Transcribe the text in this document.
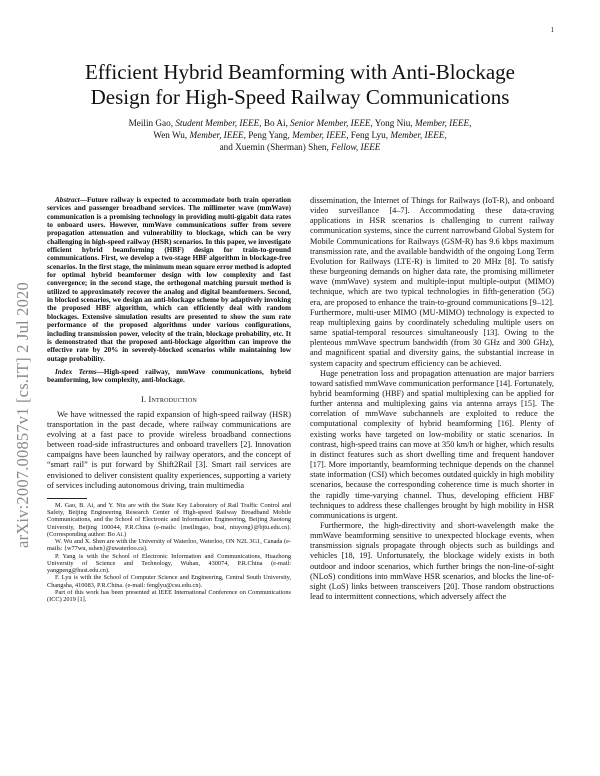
1
arXiv:2007.00857v1 [cs.IT] 2 Jul 2020
Efficient Hybrid Beamforming with Anti-Blockage
Design for High-Speed Railway Communications
Meilin Gao, Student Member, IEEE, Bo Ai, Senior Member, IEEE, Yong Niu, Member, IEEE,
Wen Wu, Member, IEEE, Peng Yang, Member, IEEE, Feng Lyu, Member, IEEE,
and Xuemin (Sherman) Shen, Fellow, IEEE

Abstract—Future railway is expected to accommodate both train operation services and passenger broadband services. The millimeter wave (mmWave) communication is a promising technology in providing multi-gigabit data rates to onboard users. However, mmWave communications suffer from severe propagation attenuation and vulnerability to blockage, which can be very challenging in high-speed railway (HSR) scenarios. In this paper, we investigate efficient hybrid beamforming (HBF) design for train-to-ground communications. First, we develop a two-stage HBF algorithm in blockage-free scenarios. In the first stage, the minimum mean square error method is adopted for optimal hybrid beamformer design with low complexity and fast convergence; in the second stage, the orthogonal matching pursuit method is utilized to approximately recover the analog and digital beamformers. Second, in blocked scenarios, we design an anti-blockage scheme by adaptively invoking the proposed HBF algorithm, which can efficiently deal with random blockages. Extensive simulation results are presented to show the sum rate performance of the proposed algorithms under various configurations, including transmission power, velocity of the train, blockage probability, etc. It is demonstrated that the proposed anti-blockage algorithm can improve the effective rate by 20% in severely-blocked scenarios while maintaining low outage probability.

Index Terms—High-speed railway, mmWave communications, hybrid beamforming, low complexity, anti-blockage.

I. Introduction

We have witnessed the rapid expansion of high-speed railway (HSR) transportation in the past decade, where railway communications are evolving at a fast pace to provide wireless broadband connections between road-side infrastructures and onboard travellers [2]. Innovation campaigns have been launched by railway operators, and the concept of “smart rail” is put forward by Shift2Rail [3]. Smart rail services are envisioned to deliver consistent quality experiences, supporting a variety of services including autonomous driving, train multimedia

M. Gao, B. Ai, and Y. Niu are with the State Key Laboratory of Rail Traffic Control and Safety, Beijing Engineering Research Center of High-speed Railway Broadband Mobile Communications, and the School of Electronic and Information Engineering, Beijing Jiaotong University, Beijing 100044, P.R.China (e-mails: {meilingao, boai, niuyong}@bjtu.edu.cn). (Corresponding author: Bo Ai.)

W. Wu and X. Shen are with the University of Waterloo, Waterloo, ON N2L 3G1, Canada (e-mails: {w77wu, sshen}@uwaterloo.ca).

P. Yang is with the School of Electronic Information and Communications, Huazhong University of Science and Technology, Wuhan, 430074, P.R.China (e-mail: yangpeng@hust.edu.cn).

F. Lyu is with the School of Computer Science and Engineering, Central South University, Changsha, 410083, P.R.China. (e-mail: fenglyu@csu.edu.cn).

Part of this work has been presented at IEEE International Conference on Communications (ICC) 2019 [1].

dissemination, the Internet of Things for Railways (IoT-R), and onboard video surveillance [4–7]. Accommodating these data-craving applications in HSR scenarios is challenging to current railway communication systems, since the current narrowband Global System for Mobile Communications for Railways (GSM-R) has 9.6 kbps maximum transmission rate, and the available bandwidth of the ongoing Long Term Evolution for Railways (LTE-R) is limited to 20 MHz [8]. To satisfy these burgeoning demands on higher data rate, the promising millimeter wave (mmWave) system and multiple-input multiple-output (MIMO) technique, which are two typical technologies in fifth-generation (5G) era, are proposed to enhance the train-to-ground communications [9–12]. Furthermore, multi-user MIMO (MU-MIMO) technology is expected to reap multiplexing gains by coordinately scheduling multiple users on same spatial-temporal resources simultaneously [13]. Owing to the plenteous mmWave spectrum bandwidth (from 30 GHz and 300 GHz), and magnificent spatial and diversity gains, the substantial increase in system capacity and spectrum efficiency can be achieved.

Huge penetration loss and propagation attenuation are major barriers toward satisfied mmWave communication performance [14]. Fortunately, hybrid beamforming (HBF) and spatial multiplexing can be applied for further antenna and multiplexing gains via antenna arrays [15]. The correlation of mmWave subchannels are exploited to reduce the computational complexity of hybrid beamforming [16]. Plenty of existing works have targeted on low-mobility or static scenarios. In contrast, high-speed trains can move at 350 km/h or higher, which results in distinct features such as short dwelling time and frequent handover [17]. More importantly, beamforming technique depends on the channel state information (CSI) which becomes outdated quickly in high mobility scenarios, because the corresponding coherence time is much shorter in the rapidly time-varying channel. Thus, developing efficient HBF techniques to address these challenges brought by high mobility in HSR communications is urgent.

Furthermore, the high-directivity and short-wavelength make the mmWave beamforming sensitive to unexpected blockage events, when transmission signals propagate through objects such as buildings and vehicles [18, 19]. Unfortunately, the blockage widely exists in both outdoor and indoor scenarios, which further brings the non-line-of-sight (NLoS) conditions into mmWave HSR scenarios, and blocks the line-of-sight (LoS) links between transceivers [20]. Those random obstructions lead to intermittent connections, which adversely affect the
